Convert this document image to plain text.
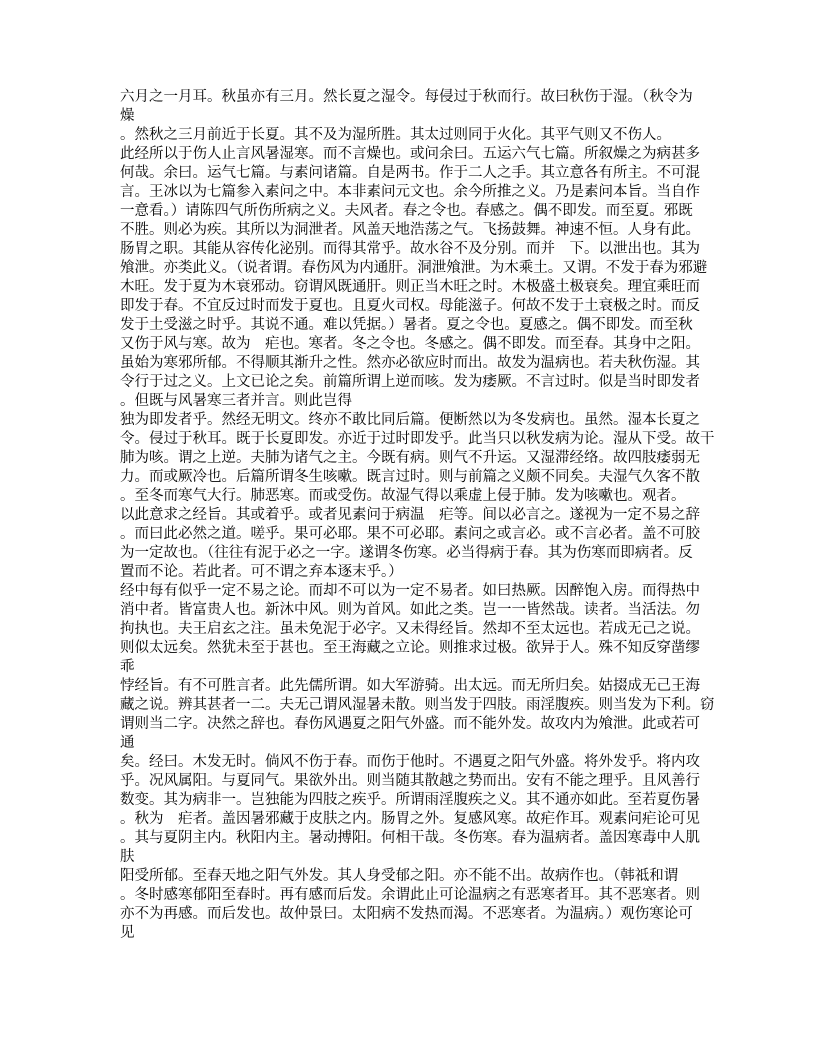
六月之一月耳。秋虽亦有三月。然长夏之湿令。每侵过于秋而行。故曰秋伤于湿。（秋令为
燥
。然秋之三月前近于长夏。其不及为湿所胜。其太过则同于火化。其平气则又不伤人。
此经所以于伤人止言风暑湿寒。而不言燥也。或问余曰。五运六气七篇。所叙燥之为病甚多
何哉。余曰。运气七篇。与素问诸篇。自是两书。作于二人之手。其立意各有所主。不可混
言。王冰以为七篇参入素问之中。本非素问元文也。余今所推之义。乃是素问本旨。当自作
一意看。）请陈四气所伤所病之义。夫风者。春之令也。春感之。偶不即发。而至夏。邪既
不胜。则必为疾。其所以为洞泄者。风盖天地浩荡之气。飞扬鼓舞。神速不恒。人身有此。
肠胃之职。其能从容传化泌别。而得其常乎。故水谷不及分别。而并　下。以泄出也。其为
飧泄。亦类此义。（说者谓。春伤风为内通肝。洞泄飧泄。为木乘土。又谓。不发于春为邪避
木旺。发于夏为木衰邪动。窃谓风既通肝。则正当木旺之时。木极盛土极衰矣。理宜乘旺而
即发于春。不宜反过时而发于夏也。且夏火司权。母能滋子。何故不发于土衰极之时。而反
发于土受滋之时乎。其说不通。难以凭据。）暑者。夏之令也。夏感之。偶不即发。而至秋
又伤于风与寒。故为　疟也。寒者。冬之令也。冬感之。偶不即发。而至春。其身中之阳。
虽始为寒邪所郁。不得顺其渐升之性。然亦必欲应时而出。故发为温病也。若夫秋伤湿。其
令行于过之义。上文已论之矣。前篇所谓上逆而咳。发为痿厥。不言过时。似是当时即发者
。但既与风暑寒三者并言。则此岂得
独为即发者乎。然经无明文。终亦不敢比同后篇。便断然以为冬发病也。虽然。湿本长夏之
令。侵过于秋耳。既于长夏即发。亦近于过时即发乎。此当只以秋发病为论。湿从下受。故干
肺为咳。谓之上逆。夫肺为诸气之主。今既有病。则气不升运。又湿滞经络。故四肢痿弱无
力。而或厥冷也。后篇所谓冬生咳嗽。既言过时。则与前篇之义颇不同矣。夫湿气久客不散
。至冬而寒气大行。肺恶寒。而或受伤。故湿气得以乘虚上侵于肺。发为咳嗽也。观者。
以此意求之经旨。其或着乎。或者见素问于病温　疟等。间以必言之。遂视为一定不易之辞
。而曰此必然之道。嗟乎。果可必耶。果不可必耶。素问之或言必。或不言必者。盖不可胶
为一定故也。（往往有泥于必之一字。遂谓冬伤寒。必当得病于春。其为伤寒而即病者。反
置而不论。若此者。可不谓之弃本逐末乎。）
经中每有似乎一定不易之论。而却不可以为一定不易者。如曰热厥。因醉饱入房。而得热中
消中者。皆富贵人也。新沐中风。则为首风。如此之类。岂一一皆然哉。读者。当活法。勿
拘执也。夫王启玄之注。虽未免泥于必字。又未得经旨。然却不至太远也。若成无己之说。
则似太远矣。然犹未至于甚也。至王海藏之立论。则推求过极。欲异于人。殊不知反穿凿缪
乖
悖经旨。有不可胜言者。此先儒所谓。如大军游骑。出太远。而无所归矣。姑掇成无己王海
藏之说。辨其甚者一二。夫无己谓风湿暑未散。则当发于四肢。雨淫腹疾。则当发为下利。窃
谓则当二字。决然之辞也。春伤风遇夏之阳气外盛。而不能外发。故攻内为飧泄。此或若可
通
矣。经曰。木发无时。倘风不伤于春。而伤于他时。不遇夏之阳气外盛。将外发乎。将内攻
乎。况风属阳。与夏同气。果欲外出。则当随其散越之势而出。安有不能之理乎。且风善行
数变。其为病非一。岂独能为四肢之疾乎。所谓雨淫腹疾之义。其不通亦如此。至若夏伤暑
。秋为　疟者。盖因暑邪藏于皮肤之内。肠胃之外。复感风寒。故疟作耳。观素问疟论可见
。其与夏阴主内。秋阳内主。暑动搏阳。何相干哉。冬伤寒。春为温病者。盖因寒毒中人肌
肤
阳受所郁。至春天地之阳气外发。其人身受郁之阳。亦不能不出。故病作也。（韩祗和谓
。冬时感寒郁阳至春时。再有感而后发。余谓此止可论温病之有恶寒者耳。其不恶寒者。则
亦不为再感。而后发也。故仲景曰。太阳病不发热而渴。不恶寒者。为温病。）观伤寒论可
见
